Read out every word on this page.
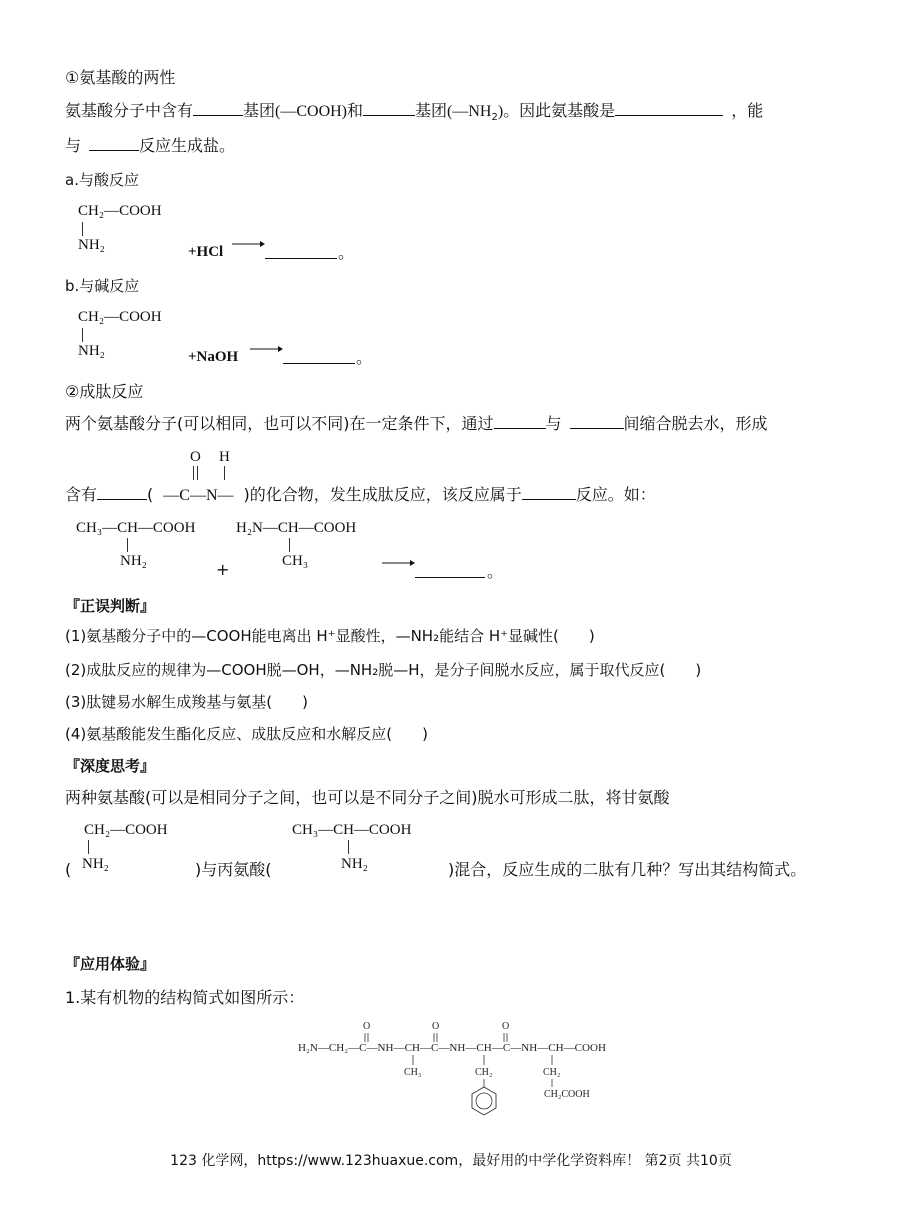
①氨基酸的两性
氨基酸分子中含有	基团(—COOH)和	基团$(—NH_2)$。因此氨基酸是	，能
与	反应生成盐。
a.与酸反应
CH₂—COOH
NH₂	+HCl	。
b.与碱反应
CH₂—COOH
NH₂	+NaOH	。
②成肽反应
两个氨基酸分子(可以相同，也可以不同)在一定条件下，通过	与	间缩合脱去水，形成
O H
含有	( —C—N— )的化合物，发生成肽反应，该反应属于	反应。如：
CH₃—CH—COOH
NH₂	+
H₂N—CH—COOH
CH₃
。
『正误判断』
(1)氨基酸分子中的—COOH能电离出 H⁺显酸性，—NH₂能结合 H⁺显碱性(　　)
(2)成肽反应的规律为—COOH脱—OH，—NH₂脱—H，是分子间脱水反应，属于取代反应(　　)
(3)肽键易水解生成羧基与氨基(　　)
(4)氨基酸能发生酯化反应、成肽反应和水解反应(　　)
『深度思考』
两种氨基酸(可以是相同分子之间，也可以是不同分子之间)脱水可形成二肽，将甘氨酸
CH₂—COOH
NH₂
CH₃—CH—COOH
NH₂
(	)与丙氨酸(	)混合，反应生成的二肽有几种？写出其结构简式。
『应用体验』
1.某有机物的结构简式如图所示：
O	O	O
H₂N—CH₂—C—NH—CH—C—NH—CH—C—NH—CH—COOH
CH₃	CH₂	CH₂
CH₂COOH
123 化学网，https://www.123huaxue.com，最好用的中学化学资料库！ 第2页 共10页
